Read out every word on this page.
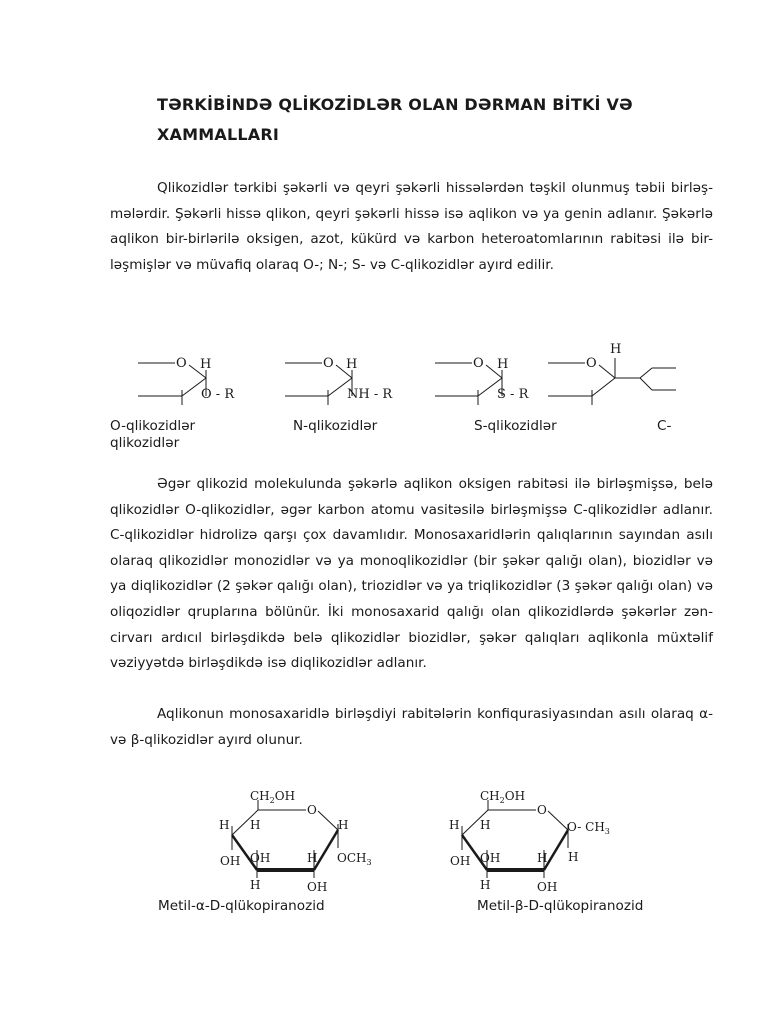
TƏRKİBİNDƏ QLİKOZİDLƏR OLAN DƏRMAN BİTKİ VƏ XAMMALLARI

Qlikozidlər tərkibi şəkərli və qeyri şəkərli hissələrdən təşkil olunmuş təbii birləş-mələrdir. Şəkərli hissə qlikon, qeyri şəkərli hissə isə aqlikon və ya genin adlanır. Şəkərlə aqlikon bir-birlərilə oksigen, azot, kükürd və karbon heteroatomlarının rabitəsi ilə bir-ləşmişlər və müvafiq olaraq O-; N-; S- və C-qlikozidlər ayırd edilir.

O H
O - R
O H
NH - R
O H
S - R
O
H
O-qlikozidlər	N-qlikozidlər	S-qlikozidlər	C-
qlikozidlər

Əgər qlikozid molekulunda şəkərlə aqlikon oksigen rabitəsi ilə birləşmişsə, belə qlikozidlər O-qlikozidlər, əgər karbon atomu vasitəsilə birləşmişsə C-qlikozidlər adlanır. C-qlikozidlər hidrolizə qarşı çox davamlıdır. Monosaxaridlərin qalıqlarının sayından asılı olaraq qlikozidlər monozidlər və ya monoqlikozidlər (bir şəkər qalığı olan), biozidlər və ya diqlikozidlər (2 şəkər qalığı olan), triozidlər və ya triqlikozidlər (3 şəkər qalığı olan) və oliqozidlər qruplarına bölünür. İki monosaxarid qalığı olan qlikozidlərdə şəkərlər zən-cirvarı ardıcıl birləşdikdə belə qlikozidlər biozidlər, şəkər qalıqları aqlikonla müxtəlif vəziyyətdə birləşdikdə isə diqlikozidlər adlanır.

Aqlikonun monosaxaridlə birləşdiyi rabitələrin konfiqurasiyasından asılı olaraq α- və β-qlikozidlər ayırd olunur.

$CH_2OH$
O
H H	H
OH OH	H $OCH_3$
H	OH
$CH_2OH$
O
H H	O- $CH_3$
OH OH	H H
H	OH
Metil-α-D-qlükopiranozid	Metil-β-D-qlükopiranozid
